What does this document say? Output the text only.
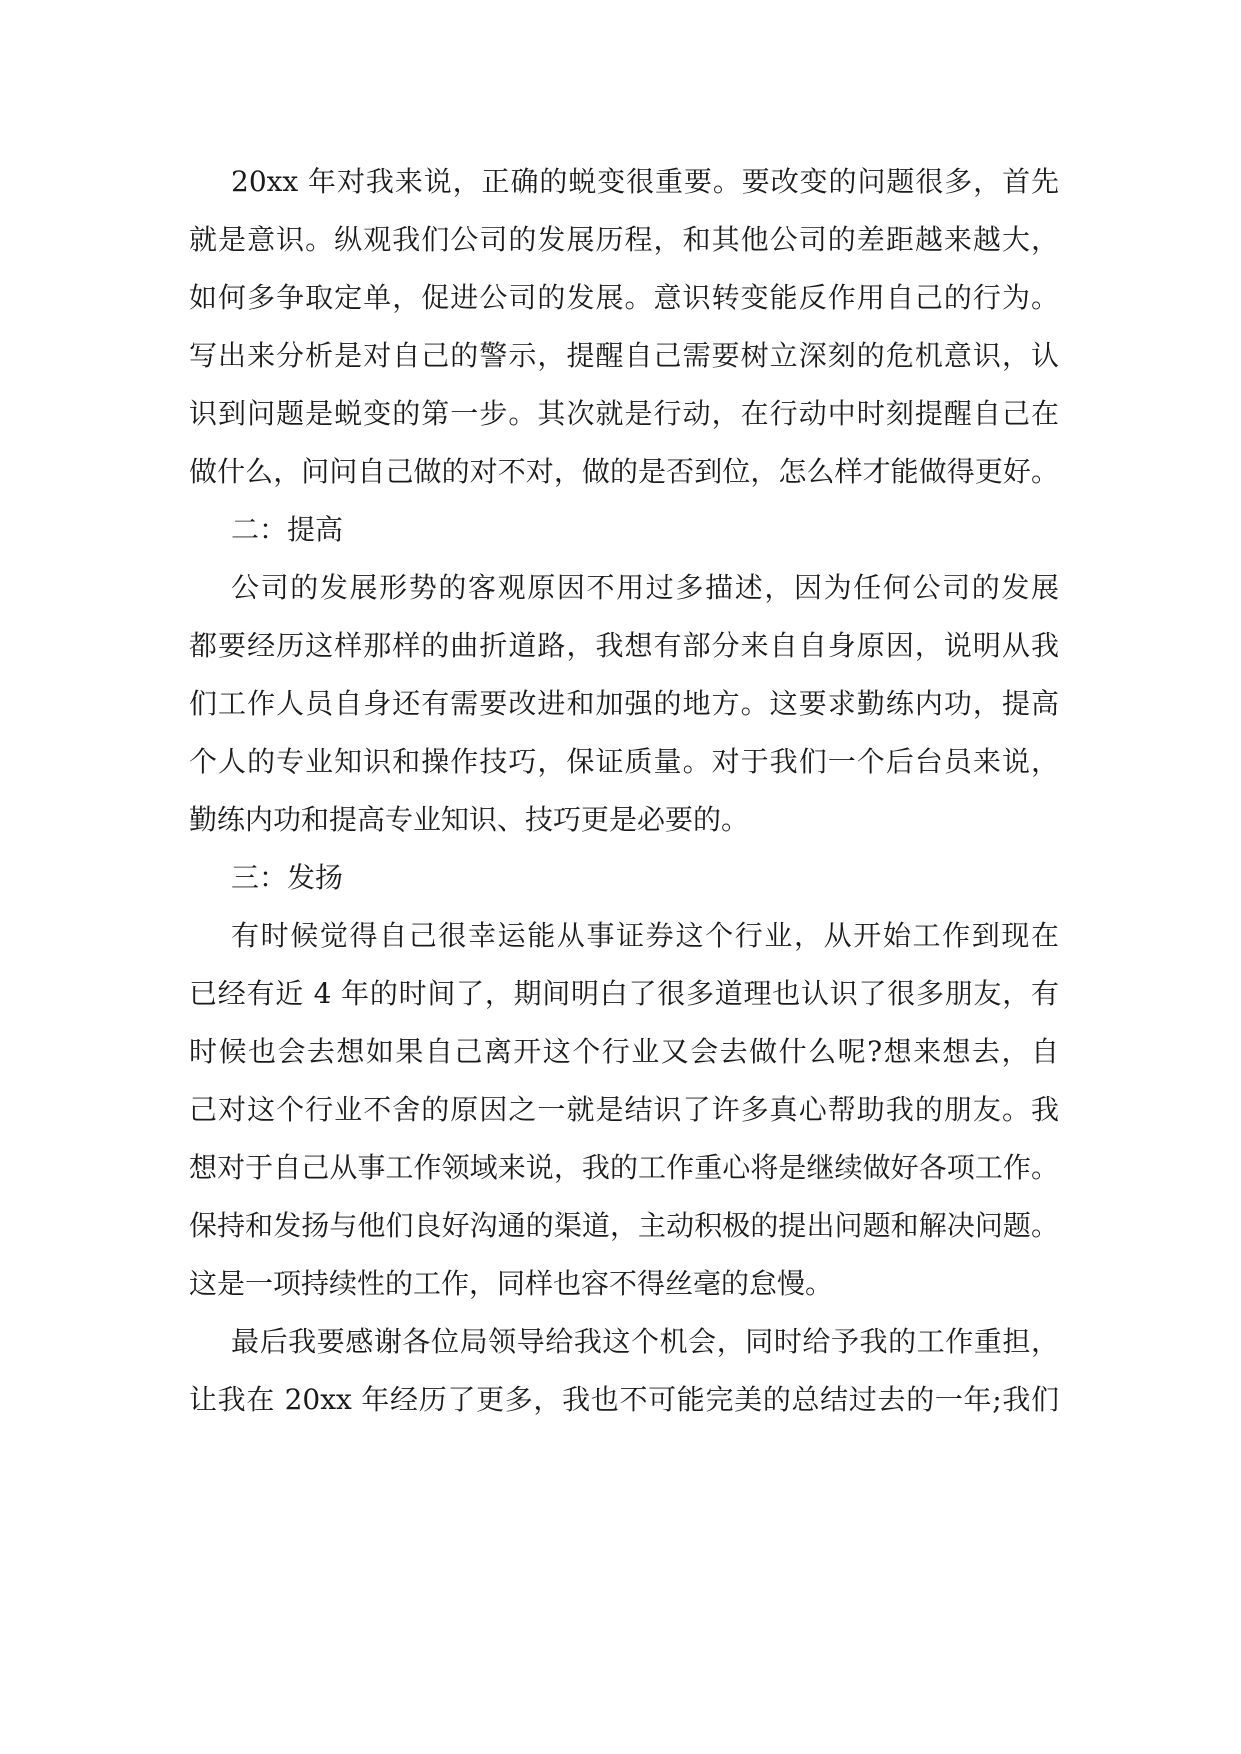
20xx 年对我来说，正确的蜕变很重要。要改变的问题很多，首先
就是意识。纵观我们公司的发展历程，和其他公司的差距越来越大，
如何多争取定单，促进公司的发展。意识转变能反作用自己的行为。
写出来分析是对自己的警示，提醒自己需要树立深刻的危机意识，认
识到问题是蜕变的第一步。其次就是行动，在行动中时刻提醒自己在
做什么，问问自己做的对不对，做的是否到位，怎么样才能做得更好。
二：提高
公司的发展形势的客观原因不用过多描述，因为任何公司的发展
都要经历这样那样的曲折道路，我想有部分来自自身原因，说明从我
们工作人员自身还有需要改进和加强的地方。这要求勤练内功，提高
个人的专业知识和操作技巧，保证质量。对于我们一个后台员来说，
勤练内功和提高专业知识、技巧更是必要的。
三：发扬
有时候觉得自己很幸运能从事证券这个行业，从开始工作到现在
已经有近 4 年的时间了，期间明白了很多道理也认识了很多朋友，有
时候也会去想如果自己离开这个行业又会去做什么呢?想来想去，自
己对这个行业不舍的原因之一就是结识了许多真心帮助我的朋友。我
想对于自己从事工作领域来说，我的工作重心将是继续做好各项工作。
保持和发扬与他们良好沟通的渠道，主动积极的提出问题和解决问题。
这是一项持续性的工作，同样也容不得丝毫的怠慢。
最后我要感谢各位局领导给我这个机会，同时给予我的工作重担，
让我在 20xx 年经历了更多，我也不可能完美的总结过去的一年;我们
